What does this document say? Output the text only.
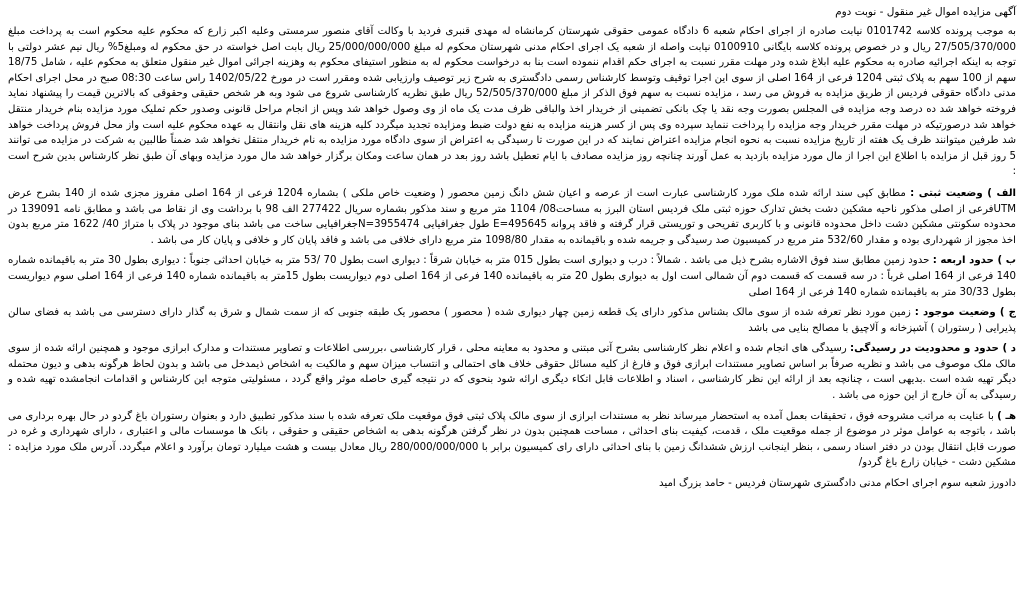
آگهی مزایده اموال غیر منقول - نوبت دوم

به موجب پرونده کلاسه 0101742 نیابت صادره از اجرای احکام شعبه 6 دادگاه عمومی حقوقی شهرستان کرمانشاه له مهدی قنبری فردید با وکالت آقای منصور سرمستی وعلیه اکبر زارع که محکوم علیه محکوم است به پرداخت مبلغ 27/505/370/000 ریال و در خصوص پرونده کلاسه بایگانی 0100910 نیابت واصله از شعبه یک اجرای احکام مدنی شهرستان محکوم له مبلغ 25/000/000/000 ریال بابت اصل خواسته در حق محکوم له ومبلغ5% ریال نیم عشر دولتی با توجه به اینکه اجرائیه صادره به محکوم علیه ابلاغ شده ودر مهلت مقرر نسبت به اجرای حکم اقدام ننموده است بنا به درخواست محکوم له به منظور استیفای محکوم به وهزینه اجرائی اموال غیر منقول متعلق به محکوم علیه ، شامل 18/75 سهم از 100 سهم به پلاک ثبتی 1204 فرعی از 164 اصلی از سوی این اجرا توقیف وتوسط کارشناس رسمی دادگستری به شرح زیر توصیف وارزیابی شده ومقرر است در مورخ 1402/05/22 راس ساعت 08:30 صبح در محل اجرای احکام مدنی دادگاه حقوقی فردیس از طریق مزایده به فروش می رسد ، مزایده نسبت به سهم فوق الذکر از مبلغ 52/505/370/000 ریال طبق نظریه کارشناسی شروع می شود وبه هر شخص حقیقی وحقوقی که بالاترین قیمت را پیشنهاد نماید فروخته خواهد شد ده درصد وجه مزایده فی المجلس بصورت وجه نقد یا چک بانکی تضمینی از خریدار اخذ والباقی ظرف مدت یک ماه از وی وصول خواهد شد وپس از انجام مراحل قانونی وصدور حکم تملیک مورد مزایده بنام خریدار منتقل خواهد شد درصورتیکه در مهلت مقرر خریدار وجه مزایده را پرداخت ننماید سپرده وی پس از کسر هزینه مزایده به نفع دولت ضبط ومزایده تجدید میگردد کلیه هزینه های نقل وانتقال به عهده محکوم علیه است واز محل فروش پرداخت خواهد شد طرفین میتوانند ظرف یک هفته از تاریخ مزایده نسبت به نحوه انجام مزایده اعتراض نمایند که در این صورت تا رسیدگی به اعتراض از سوی دادگاه مورد مزایده به نام خریدار منتقل نخواهد شد ضمناً طالبین به شرکت در مزایده می توانند 5 روز قبل از مزایده با اطلاع این اجرا از مال مورد مزایده بازدید به عمل آورند چنانچه روز مزایده مصادف با ایام تعطیل باشد روز بعد در همان ساعت ومکان برگزار خواهد شد مال مورد مزایده وبهای آن طبق نظر کارشناس بدین شرح است :

الف ) وضعیت ثبتی : مطابق کپی سند ارائه شده ملک مورد کارشناسی عبارت است از عرصه و اعیان شش دانگ زمین محصور ( وضعیت خاص ملکی ) بشماره 1204 فرعی از 164 اصلی مفروز مجزی شده از 140 بشرح عرض UTMفرعی از اصلی مذکور ناحیه مشکین دشت بخش تدارک حوزه ثبتی ملک فردیس استان البرز به مساحت08/ 1104 متر مربع و سند مذکور بشماره سریال 277422 الف 98 با برداشت وی از نقاط می باشد و مطابق نامه 139091 در محدوده سکونتی مشکین دشت داخل محدوده قانونی و با کاربری تفریحی و توریستی قرار گرفته و فاقد پروانه E=495645 طول جغرافیایی N=3955474جغرافیایی ساخت می باشد بنای موجود در پلاک با متراژ 40/ 1622 متر مربع بدون اخذ مجوز از شهرداری بوده و مقدار 532/60 متر مربع در کمیسیون صد رسیدگی و جریمه شده و باقیمانده به مقدار 1098/80 متر مربع دارای خلافی می باشد و فاقد پایان کار و خلافی و پایان کار می باشد .

ب ) حدود اربعه : حدود زمین مطابق سند فوق الاشاره بشرح ذیل می باشد . شمالاً : درب و دیواری است بطول 015 متر به خیابان شرقاً : دیواری است بطول 70 /53 متر به خیابان احداثی جنوباً : دیواری بطول 30 متر به باقیمانده شماره 140 فرعی از 164 اصلی غرباً : در سه قسمت که قسمت دوم آن شمالی است اول به دیواری بطول 20 متر به باقیمانده 140 فرعی از 164 اصلی دوم دیواریست بطول 15متر به باقیمانده شماره 140 فرعی از 164 اصلی سوم دیواریست بطول 30/33 متر به باقیمانده شماره 140 فرعی از 164 اصلی

ج ) وضعیت موجود : زمین مورد نظر تعرفه شده از سوی مالک بشناس مذکور دارای یک قطعه زمین چهار دیواری شده ( محصور ) محصور یک طبقه جنوبی که از سمت شمال و شرق به گذار دارای دسترسی می باشد به فضای سالن پذیرایی ( رستوران ) آشپزخانه و آلاچیق با مصالح بنایی می باشد

د ) حدود و محدودیت در رسیدگی: رسیدگی های انجام شده و اعلام نظر کارشناسی بشرح آتی مبتنی و محدود به معاینه محلی ، قرار کارشناسی ،بررسی اطلاعات و تصاویر مستندات و مدارک ابرازی موجود و همچنین ارائه شده از سوی مالک ملک موصوف می باشد و نظریه صرفاً بر اساس تصاویر مستندات ابرازی فوق و فارغ از کلیه مسائل حقوقی خلاف های احتمالی و انتساب میزان سهم و مالکیت به اشخاص ذیمدخل می باشد و بدون لحاظ هرگونه بدهی و دیون محتمله دیگر تهیه شده است .بدیهی است ، چنانچه بعد از ارائه این نظر کارشناسی ، اسناد و اطلاعات قابل اتکاء دیگری ارائه شود بنحوی که در نتیجه گیری حاصله موثر واقع گردد ، مسئولیتی متوجه این کارشناس و اقدامات انجامشده تهیه شده و رسیدگی به آن خارج از این حوزه می باشد .

هـ ) با عنایت به مراتب مشروحه فوق ، تحقیقات بعمل آمده به استحضار میرساند نظر به مستندات ابرازی از سوی مالک پلاک ثبتی فوق موقعیت ملک تعرفه شده با سند مذکور تطبیق دارد و بعنوان رستوران باغ گردو در حال بهره برداری می باشد ، باتوجه به عوامل موثر در موضوع از جمله موقعیت ملک ، قدمت، کیفیت بنای احداثی ، مساحت همچنین بدون در نظر گرفتن هرگونه بدهی به اشخاص حقیقی و حقوقی ، بانک ها موسسات مالی و اعتباری ، دارای شهرداری و غره در صورت قابل انتقال بودن در دفتر اسناد رسمی ، بنظر اینجانب ارزش ششدانگ زمین با بنای احداثی دارای رای کمیسیون برابر با 280/000/000/000 ریال معادل بیست و هشت میلیارد تومان برآورد و اعلام میگردد. آدرس ملک مورد مزایده : مشکین دشت - خیابان زارع باغ گردو/

دادورز شعبه سوم اجرای احکام مدنی دادگستری شهرستان فردیس - حامد بزرگ امید
